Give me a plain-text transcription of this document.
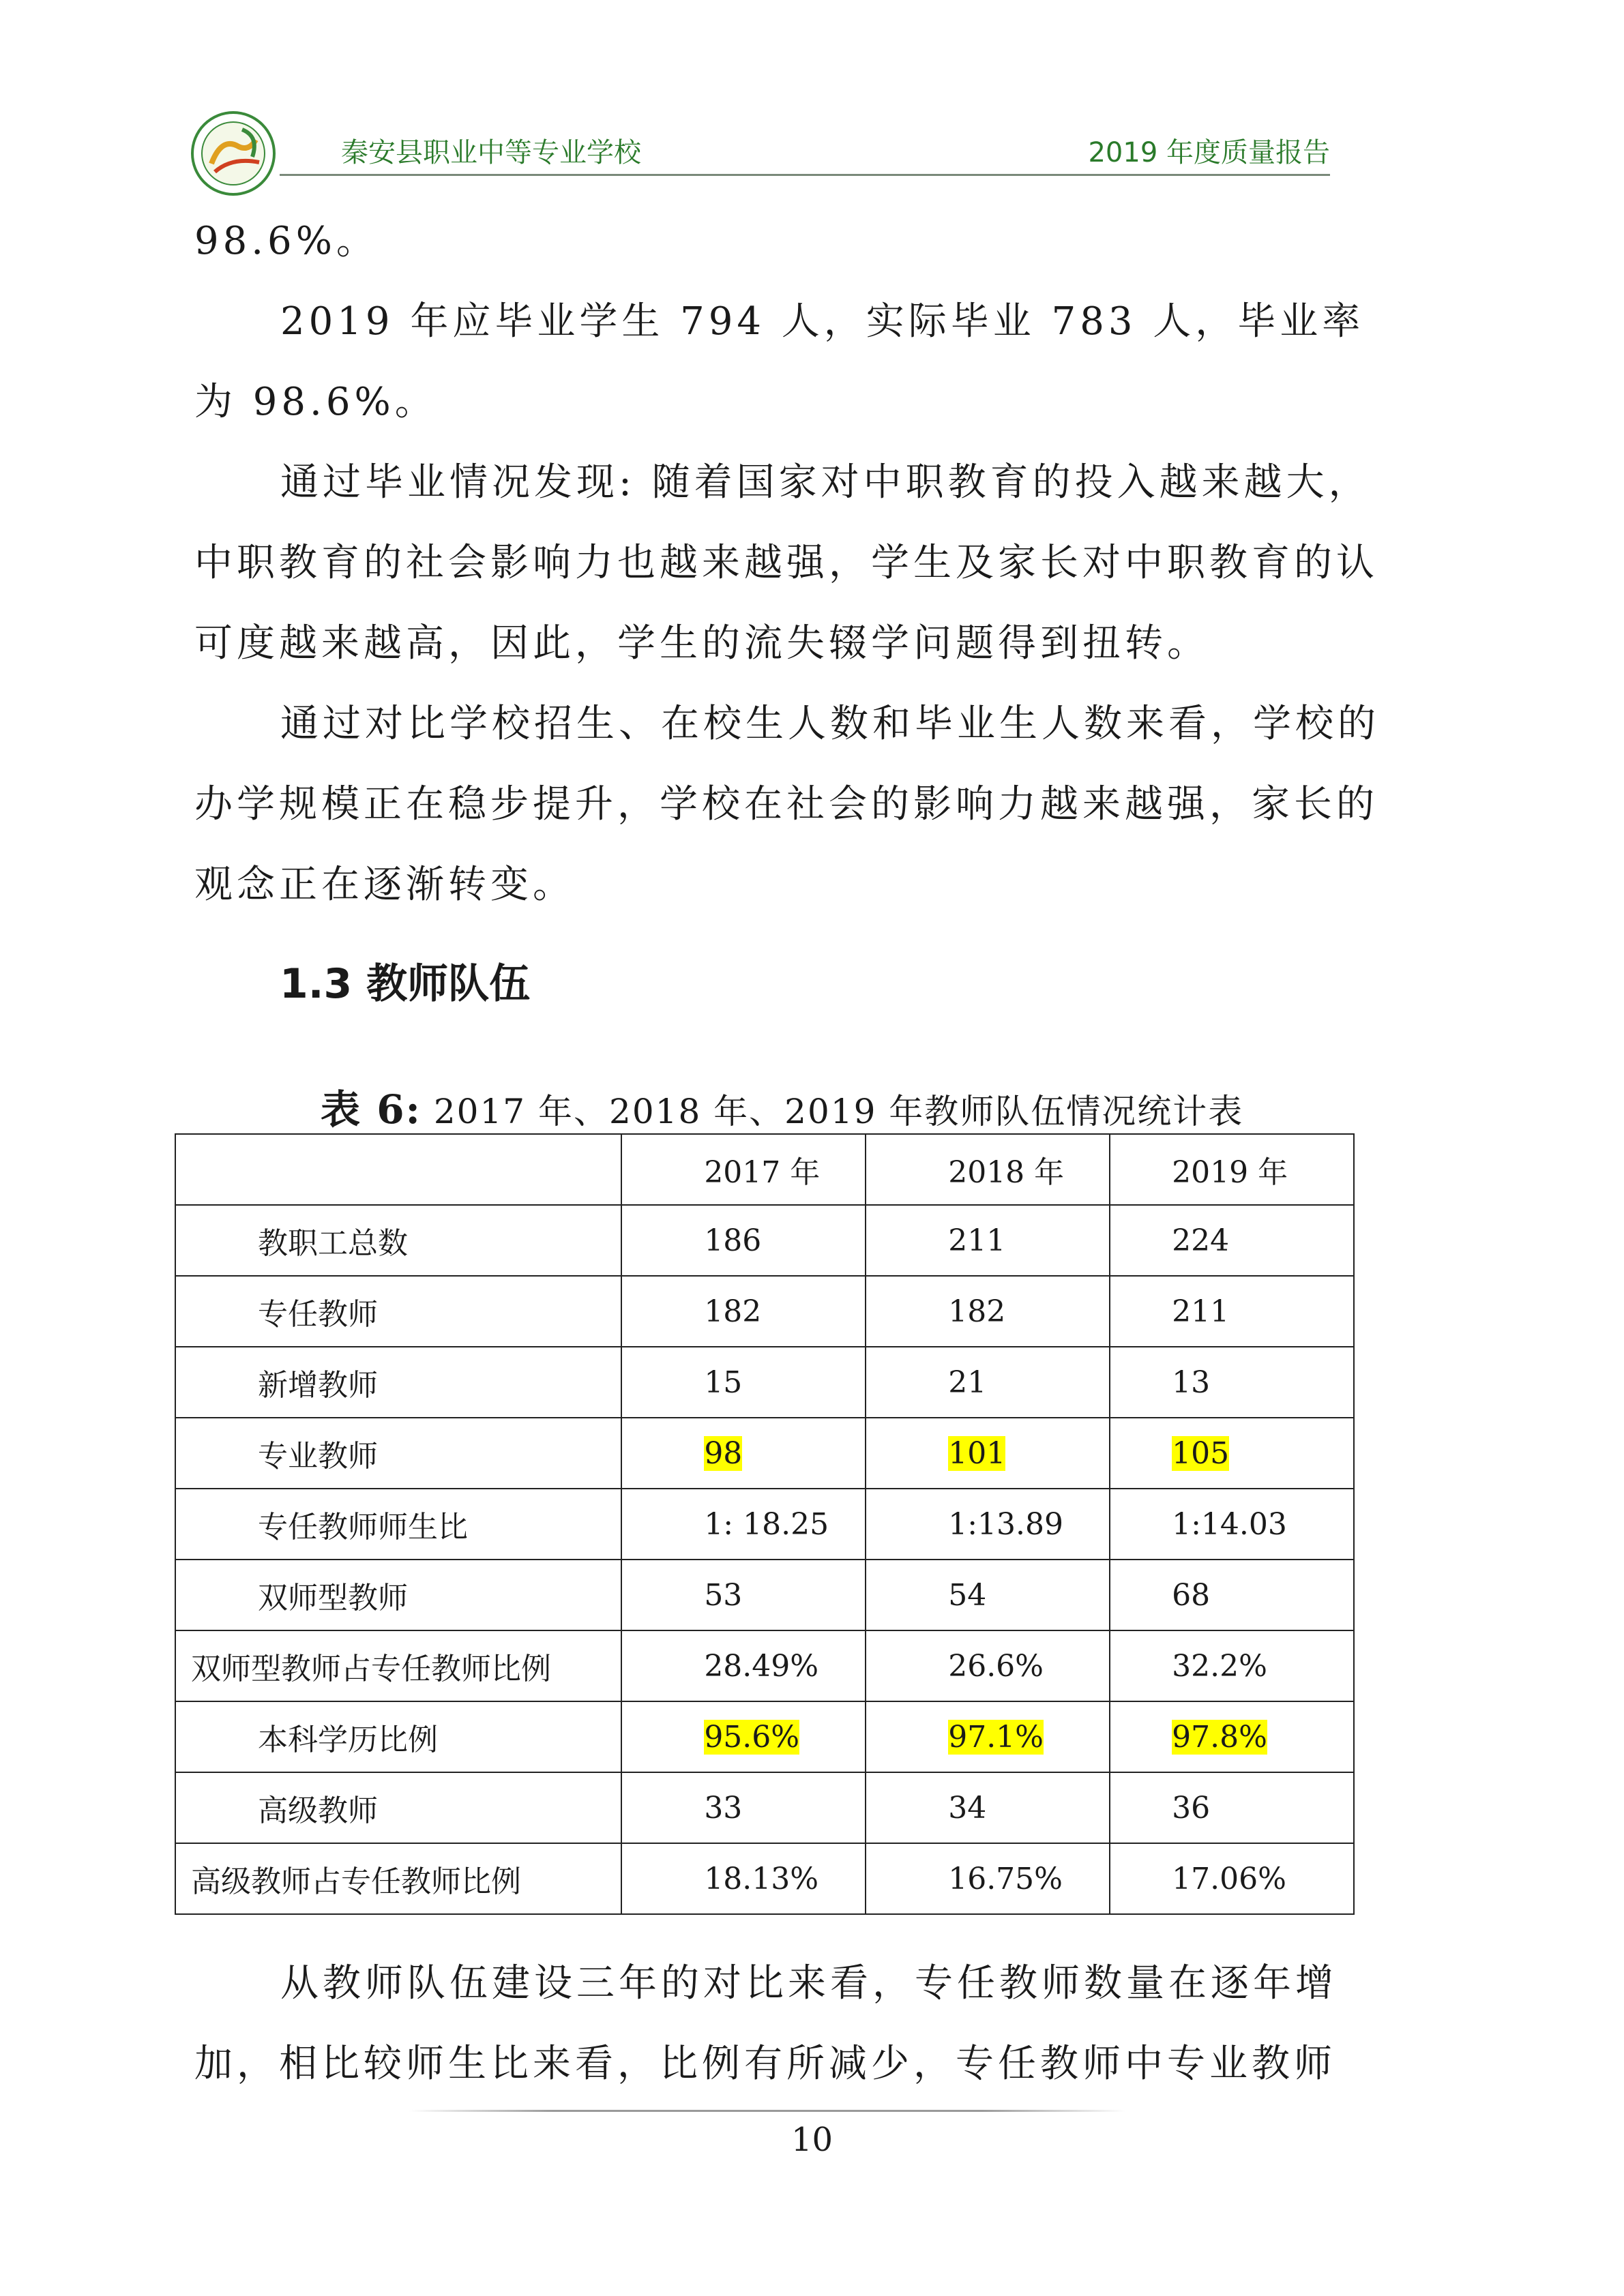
秦安县职业中等专业学校	2019 年度质量报告

98.6%。

2019 年应毕业学生 794 人，实际毕业 783 人，毕业率为 98.6%。

通过毕业情况发现: 随着国家对中职教育的投入越来越大，中职教育的社会影响力也越来越强，学生及家长对中职教育的认可度越来越高，因此，学生的流失辍学问题得到扭转。

通过对比学校招生、在校生人数和毕业生人数来看，学校的办学规模正在稳步提升，学校在社会的影响力越来越强，家长的观念正在逐渐转变。

1.3 教师队伍
表 6: 2017 年、2018 年、2019 年教师队伍情况统计表
	2017 年	2018 年	2019 年
教职工总数	186	211	224
专任教师	182	182	211
新增教师	15	21	13
专业教师	98	101	105
专任教师师生比	1: 18.25	1:13.89	1:14.03
双师型教师	53	54	68
双师型教师占专任教师比例	28.49%	26.6%	32.2%
本科学历比例	95.6%	97.1%	97.8%
高级教师	33	34	36
高级教师占专任教师比例	18.13%	16.75%	17.06%

从教师队伍建设三年的对比来看，专任教师数量在逐年增加，相比较师生比来看，比例有所减少，专任教师中专业教师

10
